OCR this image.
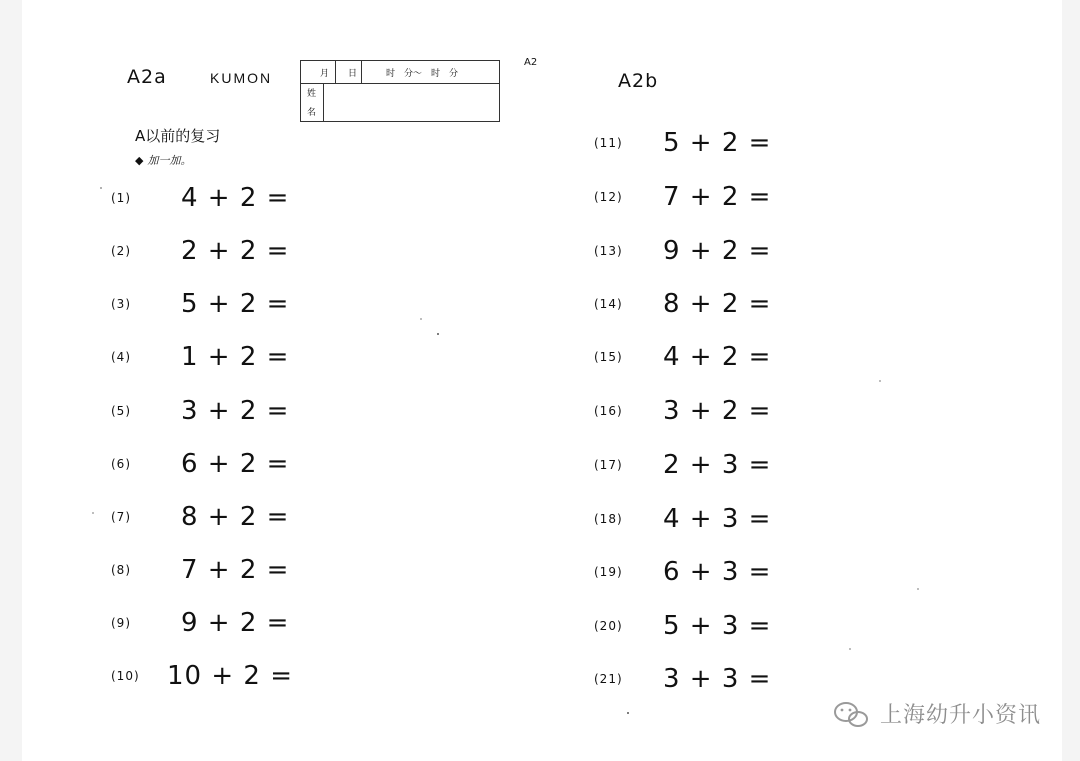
A2a	KUMON	月 日	时　分～　时　分
姓
名
A2
A2b
A以前的复习
◆ 加一加。
(1) 4 + 2 =
(2) 2 + 2 =
(3) 5 + 2 =
(4) 1 + 2 =
(5) 3 + 2 =
(6) 6 + 2 =
(7) 8 + 2 =
(8) 7 + 2 =
(9) 9 + 2 =
(10) 10 + 2 =
(11) 5 + 2 =
(12) 7 + 2 =
(13) 9 + 2 =
(14) 8 + 2 =
(15) 4 + 2 =
(16) 3 + 2 =
(17) 2 + 3 =
(18) 4 + 3 =
(19) 6 + 3 =
(20) 5 + 3 =
(21) 3 + 3 =
上海幼升小资讯
